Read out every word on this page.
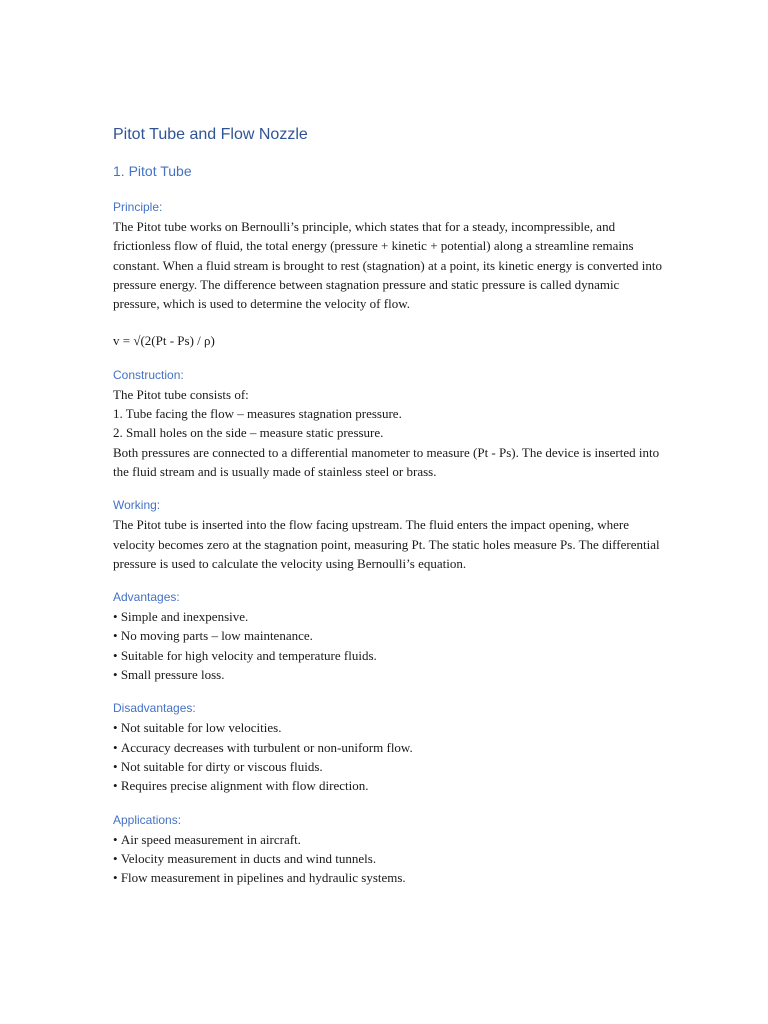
Pitot Tube and Flow Nozzle
1. Pitot Tube
Principle:

The Pitot tube works on Bernoulli’s principle, which states that for a steady, incompressible, and frictionless flow of fluid, the total energy (pressure + kinetic + potential) along a streamline remains constant. When a fluid stream is brought to rest (stagnation) at a point, its kinetic energy is converted into pressure energy. The difference between stagnation pressure and static pressure is called dynamic pressure, which is used to determine the velocity of flow.

v = √(2(Pt - Ps) / ρ)
Construction:
The Pitot tube consists of:
1. Tube facing the flow – measures stagnation pressure.
2. Small holes on the side – measure static pressure.

Both pressures are connected to a differential manometer to measure (Pt - Ps). The device is inserted into the fluid stream and is usually made of stainless steel or brass.

Working:

The Pitot tube is inserted into the flow facing upstream. The fluid enters the impact opening, where velocity becomes zero at the stagnation point, measuring Pt. The static holes measure Ps. The differential pressure is used to calculate the velocity using Bernoulli’s equation.

Advantages:
• Simple and inexpensive.
• No moving parts – low maintenance.
• Suitable for high velocity and temperature fluids.
• Small pressure loss.
Disadvantages:
• Not suitable for low velocities.
• Accuracy decreases with turbulent or non-uniform flow.
• Not suitable for dirty or viscous fluids.
• Requires precise alignment with flow direction.
Applications:
• Air speed measurement in aircraft.
• Velocity measurement in ducts and wind tunnels.
• Flow measurement in pipelines and hydraulic systems.
